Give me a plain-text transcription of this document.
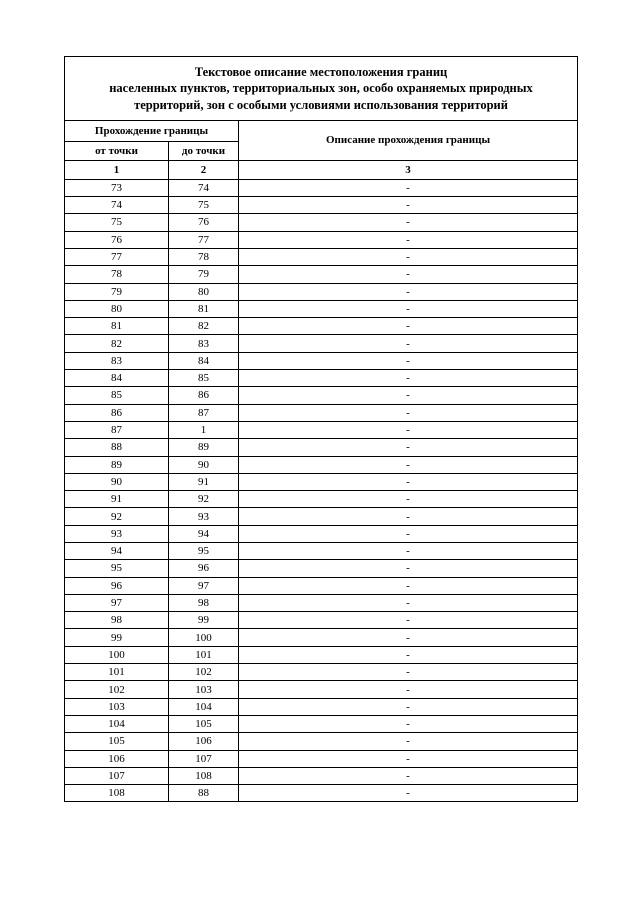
Текстовое описание местоположения границ
населенных пунктов, территориальных зон, особо охраняемых природных
территорий, зон с особыми условиями использования территорий		

Прохождение границы		Описание прохождения границы
от точки	до точки	
1	2	3
73	74	-
74	75	-
75	76	-
76	77	-
77	78	-
78	79	-
79	80	-
80	81	-
81	82	-
82	83	-
83	84	-
84	85	-
85	86	-
86	87	-
87	1	-
88	89	-
89	90	-
90	91	-
91	92	-
92	93	-
93	94	-
94	95	-
95	96	-
96	97	-
97	98	-
98	99	-
99	100	-
100	101	-
101	102	-
102	103	-
103	104	-
104	105	-
105	106	-
106	107	-
107	108	-
108	88	-
